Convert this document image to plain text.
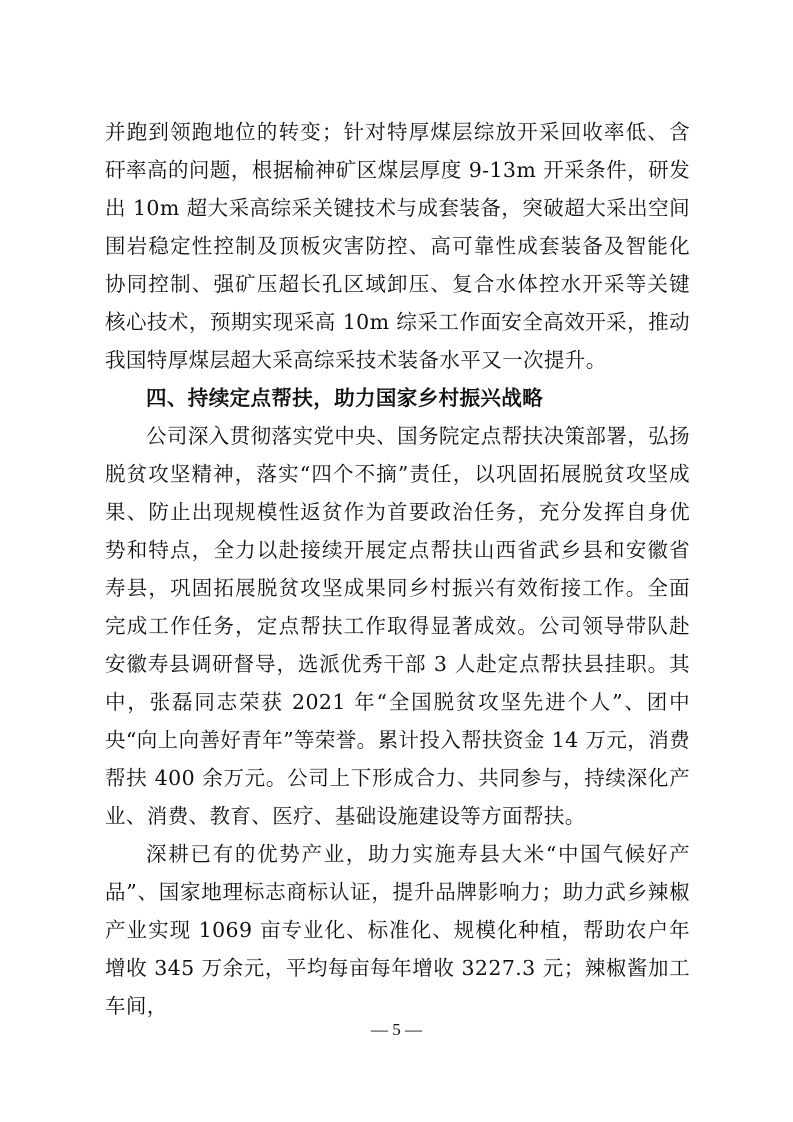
并跑到领跑地位的转变；针对特厚煤层综放开采回收率低、含矸率高的问题，根据榆神矿区煤层厚度 9-13m 开采条件，研发出 10m 超大采高综采关键技术与成套装备，突破超大采出空间围岩稳定性控制及顶板灾害防控、高可靠性成套装备及智能化协同控制、强矿压超长孔区域卸压、复合水体控水开采等关键核心技术，预期实现采高 10m 综采工作面安全高效开采，推动我国特厚煤层超大采高综采技术装备水平又一次提升。

四、持续定点帮扶，助力国家乡村振兴战略

公司深入贯彻落实党中央、国务院定点帮扶决策部署，弘扬脱贫攻坚精神，落实“四个不摘”责任，以巩固拓展脱贫攻坚成果、防止出现规模性返贫作为首要政治任务，充分发挥自身优势和特点，全力以赴接续开展定点帮扶山西省武乡县和安徽省寿县，巩固拓展脱贫攻坚成果同乡村振兴有效衔接工作。全面完成工作任务，定点帮扶工作取得显著成效。公司领导带队赴安徽寿县调研督导，选派优秀干部 3 人赴定点帮扶县挂职。其中，张磊同志荣获 2021 年“全国脱贫攻坚先进个人”、团中央“向上向善好青年”等荣誉。累计投入帮扶资金 14 万元，消费帮扶 400 余万元。公司上下形成合力、共同参与，持续深化产业、消费、教育、医疗、基础设施建设等方面帮扶。

深耕已有的优势产业，助力实施寿县大米“中国气候好产品”、国家地理标志商标认证，提升品牌影响力；助力武乡辣椒产业实现 1069 亩专业化、标准化、规模化种植，帮助农户年增收 345 万余元，平均每亩每年增收 3227.3 元；辣椒酱加工车间，

— 5 —
